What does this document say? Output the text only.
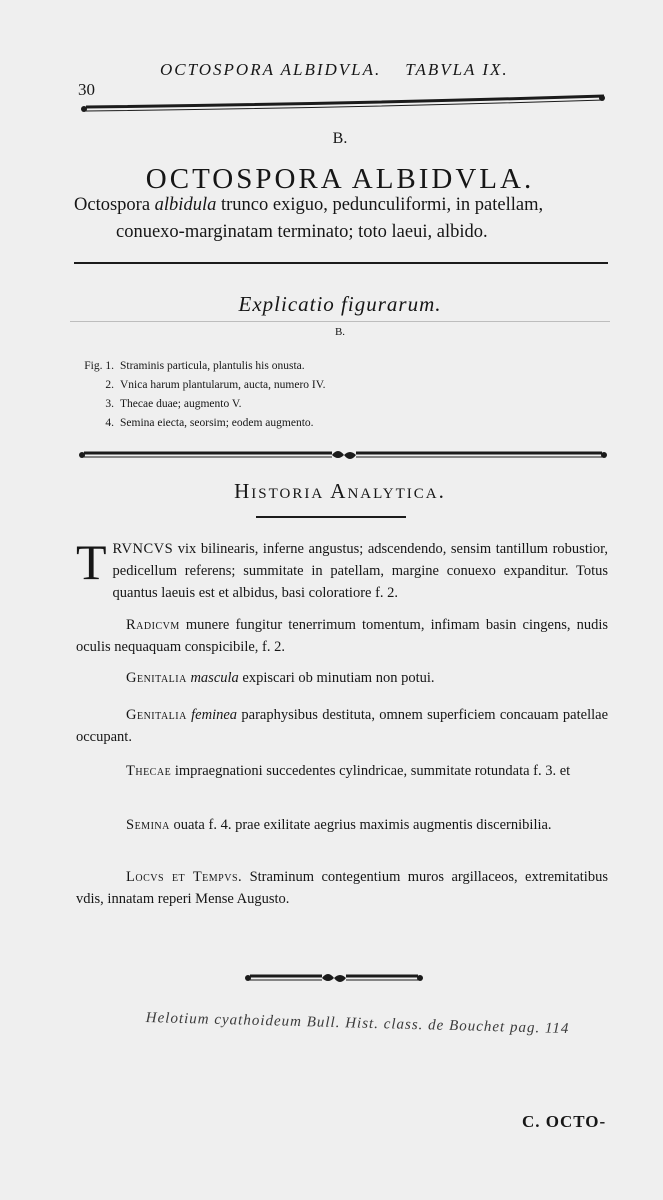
30
OCTOSPORA ALBIDVLA. TABVLA IX.
B.
OCTOSPORA ALBIDVLA.
Octospora albidula trunco exiguo, pedunculiformi, in patellam,
conuexo-marginatam terminato; toto laeui, albido.
Explicatio figurarum.
B.
Fig. 1. Straminis particula, plantulis his onusta.
2. Vnica harum plantularum, aucta, numero IV.
3. Thecae duae; augmento V.
4. Semina eiecta, seorsim; eodem augmento.
Historia Analytica.
TRVNCVS vix bilinearis, inferne angustus; adscendendo, sensim tantillum robustior, pedicellum referens; summitate in patellam, margine conuexo expanditur. Totus quantus laeuis est et albidus, basi coloratiore f. 2.
Radicvm munere fungitur tenerrimum tomentum, infimam basin cingens, nudis oculis nequaquam conspicibile, f. 2.
Genitalia mascula expiscari ob minutiam non potui.
Genitalia feminea paraphysibus destituta, omnem superficiem concauam patellae occupant.
Thecae impraegnationi succedentes cylindricae, summitate rotundata f. 3. et
Semina ouata f. 4. prae exilitate aegrius maximis augmentis discernibilia.
Locvs et Tempvs. Straminum contegentium muros argillaceos, extremitatibus vdis, innatam reperi Mense Augusto.
Helotium cyathoideum Bull. Hist. class. de Bouchet pag. 114
C. OCTO-
